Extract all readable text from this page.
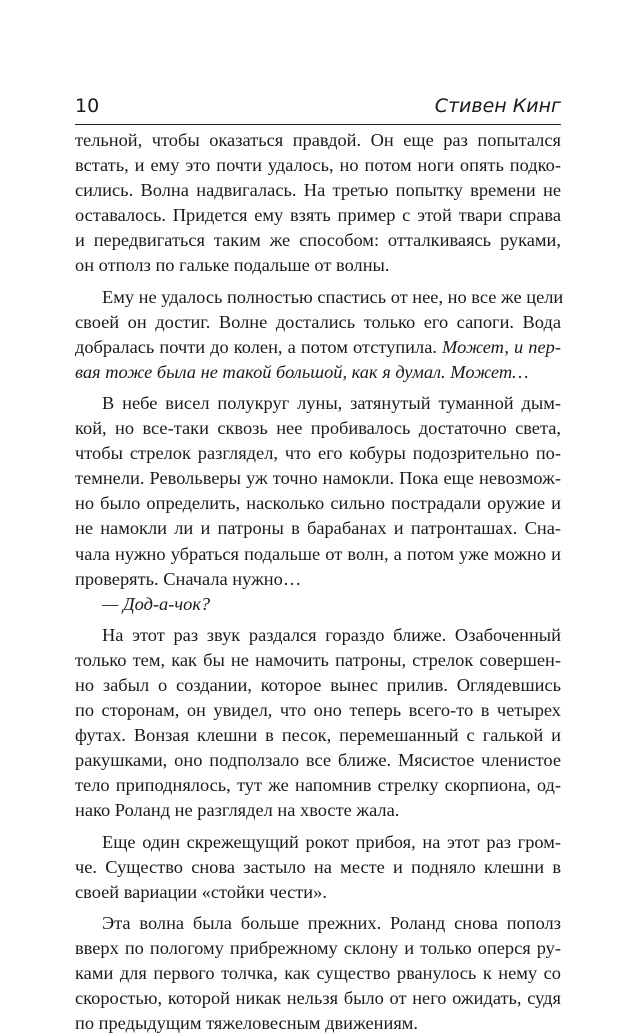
10	Стивен Кинг
тельной, чтобы оказаться правдой. Он еще раз попытался
встать, и ему это почти удалось, но потом ноги опять подко-
сились. Волна надвигалась. На третью попытку времени не
оставалось. Придется ему взять пример с этой твари справа
и передвигаться таким же способом: отталкиваясь руками,
он отполз по гальке подальше от волны.
Ему не удалось полностью спастись от нее, но все же цели
своей он достиг. Волне достались только его сапоги. Вода
добралась почти до колен, а потом отступила. Может, и пер-
вая тоже была не такой большой, как я думал. Может…
В небе висел полукруг луны, затянутый туманной дым-
кой, но все-таки сквозь нее пробивалось достаточно света,
чтобы стрелок разглядел, что его кобуры подозрительно по-
темнели. Револьверы уж точно намокли. Пока еще невозмож-
но было определить, насколько сильно пострадали оружие и
не намокли ли и патроны в барабанах и патронташах. Сна-
чала нужно убраться подальше от волн, а потом уже можно и
проверять. Сначала нужно…
— Дод-а-чок?
На этот раз звук раздался гораздо ближе. Озабоченный
только тем, как бы не намочить патроны, стрелок совершен-
но забыл о создании, которое вынес прилив. Оглядевшись
по сторонам, он увидел, что оно теперь всего-то в четырех
футах. Вонзая клешни в песок, перемешанный с галькой и
ракушками, оно подползало все ближе. Мясистое членистое
тело приподнялось, тут же напомнив стрелку скорпиона, од-
нако Роланд не разглядел на хвосте жала.
Еще один скрежещущий рокот прибоя, на этот раз гром-
че. Существо снова застыло на месте и подняло клешни в
своей вариации «стойки чести».
Эта волна была больше прежних. Роланд снова пополз
вверх по пологому прибрежному склону и только оперся ру-
ками для первого толчка, как существо рванулось к нему со
скоростью, которой никак нельзя было от него ожидать, судя
по предыдущим тяжеловесным движениям.
